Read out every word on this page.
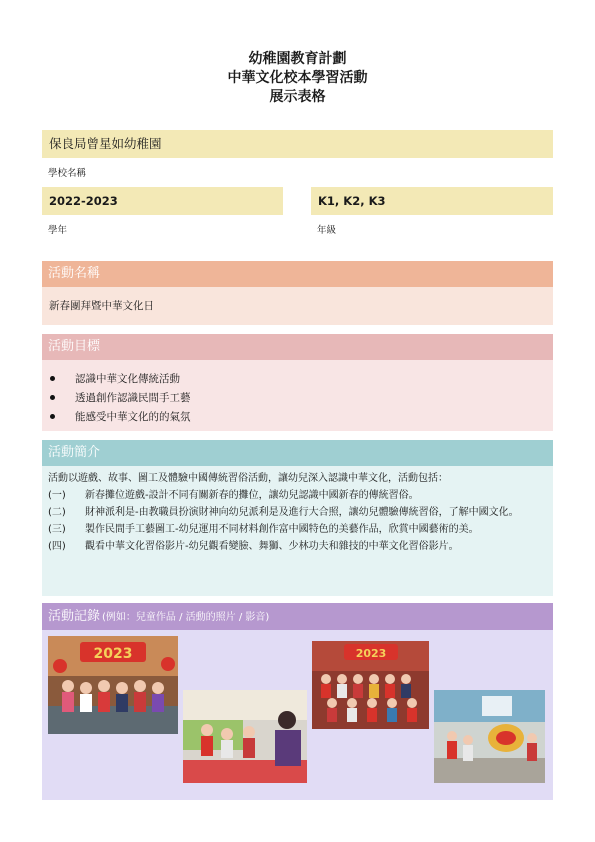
幼稚園教育計劃
中華文化校本學習活動
展示表格
保良局曾星如幼稚園
學校名稱
2022-2023	K1, K2, K3
學年	年級
活動名稱
新春團拜暨中華文化日
活動目標
認識中華文化傳統活動
透過創作認識民間手工藝
能感受中華文化的的氣氛
活動簡介
活動以遊戲、故事、圖工及體驗中國傳統習俗活動，讓幼兒深入認識中華文化，活動包括：
(一)	新春攤位遊戲-設計不同有關新春的攤位，讓幼兒認識中國新春的傳統習俗。
(二)	財神派利是-由教職員扮演財神向幼兒派利是及進行大合照，讓幼兒體驗傳統習俗，了解中國文化。
(三)	製作民間手工藝圖工-幼兒運用不同材料創作富中國特色的美藝作品，欣賞中國藝術的美。
(四)	觀看中華文化習俗影片-幼兒觀看變臉、舞獅、少林功夫和雜技的中華文化習俗影片。
活動記錄 (例如：兒童作品 / 活動的照片 / 影音)
2023	2023
